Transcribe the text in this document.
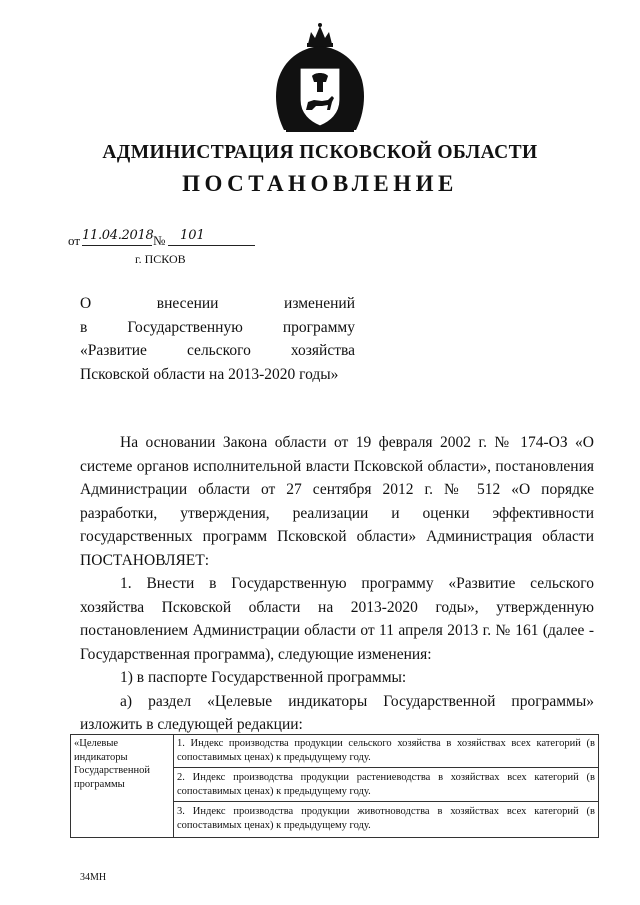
АДМИНИСТРАЦИЯ ПСКОВСКОЙ ОБЛАСТИ
ПОСТАНОВЛЕНИЕ
от 11.04.2018 № 101
г. ПСКОВ
О внесении изменений
в Государственную программу
«Развитие сельского хозяйства
Псковской области на 2013-2020 годы»

На основании Закона области от 19 февраля 2002 г. № 174-ОЗ «О системе органов исполнительной власти Псковской области», постановления Администрации области от 27 сентября 2012 г. № 512 «О порядке разработки, утверждения, реализации и оценки эффективности государственных программ Псковской области» Администрация области ПОСТАНОВЛЯЕТ:

1. Внести в Государственную программу «Развитие сельского хозяйства Псковской области на 2013-2020 годы», утвержденную постановлением Администрации области от 11 апреля 2013 г. № 161 (далее - Государственная программа), следующие изменения:

1) в паспорте Государственной программы:

а) раздел «Целевые индикаторы Государственной программы» изложить в следующей редакции:

«Целевые индикаторы Государственной программы	
1. Индекс производства продукции сельского хозяйства в хозяйствах всех категорий (в сопоставимых ценах) к предыдущему году.
2. Индекс производства продукции растениеводства в хозяйствах всех категорий (в сопоставимых ценах) к предыдущему году.
3. Индекс производства продукции животноводства в хозяйствах всех категорий (в сопоставимых ценах) к предыдущему году.
34МН
